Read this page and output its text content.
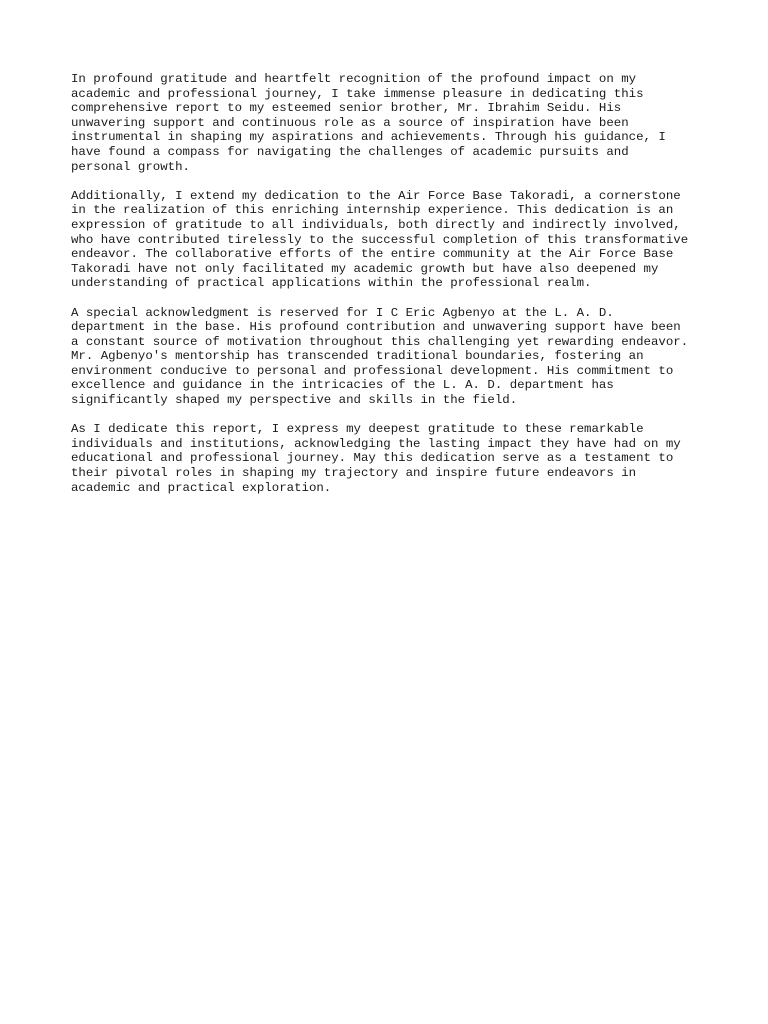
In profound gratitude and heartfelt recognition of the profound impact on my
academic and professional journey, I take immense pleasure in dedicating this
comprehensive report to my esteemed senior brother, Mr. Ibrahim Seidu. His
unwavering support and continuous role as a source of inspiration have been
instrumental in shaping my aspirations and achievements. Through his guidance, I
have found a compass for navigating the challenges of academic pursuits and
personal growth.

Additionally, I extend my dedication to the Air Force Base Takoradi, a cornerstone
in the realization of this enriching internship experience. This dedication is an
expression of gratitude to all individuals, both directly and indirectly involved,
who have contributed tirelessly to the successful completion of this transformative
endeavor. The collaborative efforts of the entire community at the Air Force Base
Takoradi have not only facilitated my academic growth but have also deepened my
understanding of practical applications within the professional realm.

A special acknowledgment is reserved for I C Eric Agbenyo at the L. A. D.
department in the base. His profound contribution and unwavering support have been
a constant source of motivation throughout this challenging yet rewarding endeavor.
Mr. Agbenyo's mentorship has transcended traditional boundaries, fostering an
environment conducive to personal and professional development. His commitment to
excellence and guidance in the intricacies of the L. A. D. department has
significantly shaped my perspective and skills in the field.

As I dedicate this report, I express my deepest gratitude to these remarkable
individuals and institutions, acknowledging the lasting impact they have had on my
educational and professional journey. May this dedication serve as a testament to
their pivotal roles in shaping my trajectory and inspire future endeavors in
academic and practical exploration.
